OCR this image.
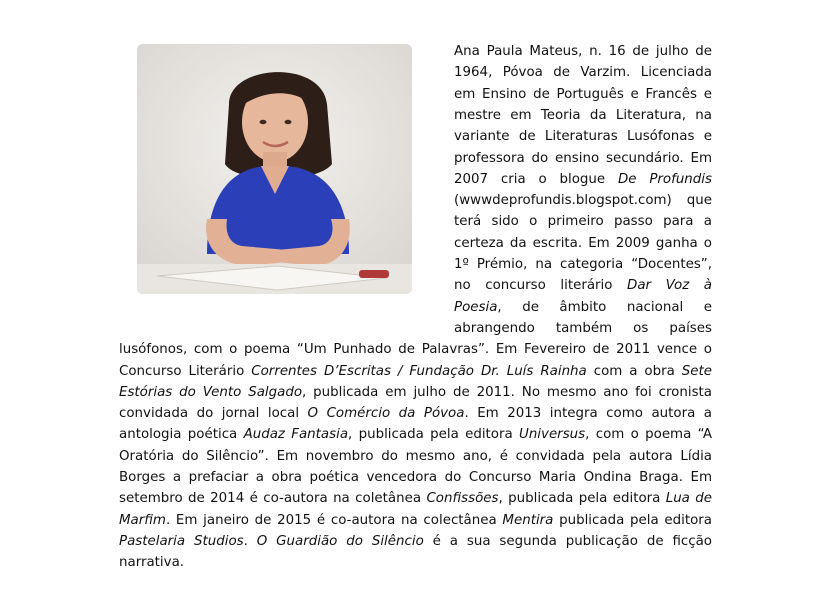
Ana Paula Mateus, n. 16 de julho de
1964, Póvoa de Varzim. Licenciada
em Ensino de Português e Francês e
mestre em Teoria da Literatura, na
variante de Literaturas Lusófonas e
professora do ensino secundário. Em
2007 cria o blogue De Profundis
(wwwdeprofundis.blogspot.com) que
terá sido o primeiro passo para a
certeza da escrita. Em 2009 ganha o
1º Prémio, na categoria “Docentes”,
no concurso literário Dar Voz à
Poesia, de âmbito nacional e
abrangendo também os países
lusófonos, com o poema “Um Punhado de Palavras”. Em Fevereiro de 2011 vence o
Concurso Literário Correntes D’Escritas / Fundação Dr. Luís Rainha com a obra Sete
Estórias do Vento Salgado, publicada em julho de 2011. No mesmo ano foi cronista
convidada do jornal local O Comércio da Póvoa. Em 2013 integra como autora a
antologia poética Audaz Fantasia, publicada pela editora Universus, com o poema “A
Oratória do Silêncio”. Em novembro do mesmo ano, é convidada pela autora Lídia
Borges a prefaciar a obra poética vencedora do Concurso Maria Ondina Braga. Em
setembro de 2014 é co-autora na coletânea Confissões, publicada pela editora Lua de
Marfim. Em janeiro de 2015 é co-autora na colectânea Mentira publicada pela editora
Pastelaria Studios. O Guardião do Silêncio é a sua segunda publicação de ficção
narrativa.
